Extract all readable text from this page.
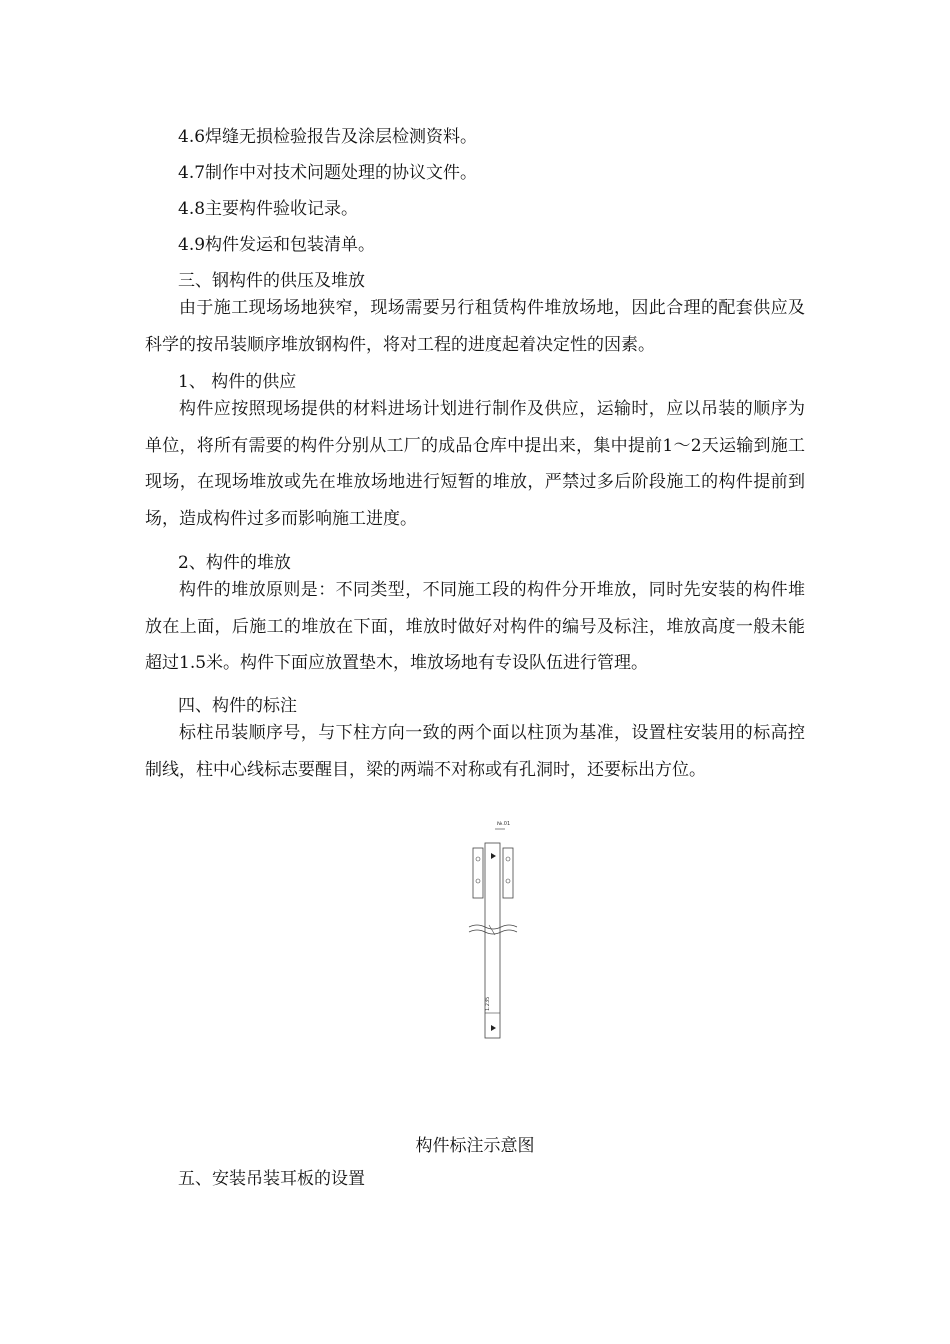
4.6焊缝无损检验报告及涂层检测资料。
4.7制作中对技术问题处理的协议文件。
4.8主要构件验收记录。
4.9构件发运和包装清单。
三、钢构件的供压及堆放
由于施工现场场地狭窄，现场需要另行租赁构件堆放场地，因此合理的配套供应及科学的按吊装顺序堆放钢构件，将对工程的进度起着决定性的因素。
1、 构件的供应
构件应按照现场提供的材料进场计划进行制作及供应，运输时，应以吊装的顺序为单位，将所有需要的构件分别从工厂的成品仓库中提出来，集中提前1～2天运输到施工现场，在现场堆放或先在堆放场地进行短暂的堆放，严禁过多后阶段施工的构件提前到场，造成构件过多而影响施工进度。
2、构件的堆放
构件的堆放原则是：不同类型，不同施工段的构件分开堆放，同时先安装的构件堆放在上面，后施工的堆放在下面，堆放时做好对构件的编号及标注，堆放高度一般未能超过1.5米。构件下面应放置垫木，堆放场地有专设队伍进行管理。
四、构件的标注
标柱吊装顺序号，与下柱方向一致的两个面以柱顶为基准，设置柱安装用的标高控制线，柱中心线标志要醒目，梁的两端不对称或有孔洞时，还要标出方位。
№.01
1.235
构件标注示意图
五、安装吊装耳板的设置
